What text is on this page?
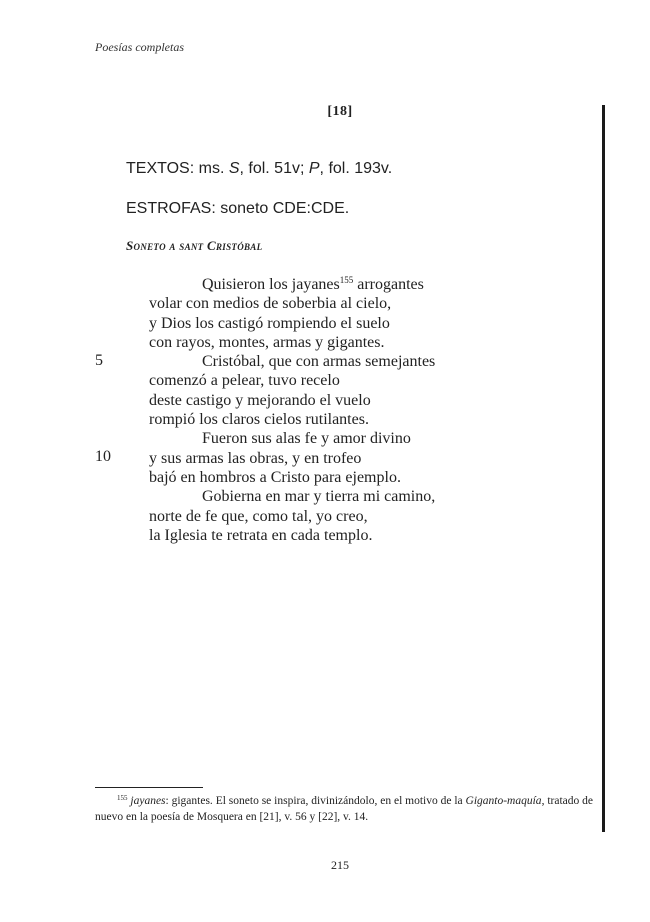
Poesías completas
[18]
TEXTOS: ms. S, fol. 51v; P, fol. 193v.
ESTROFAS: soneto CDE:CDE.
Soneto a sant Cristóbal
5
10
Quisieron los jayanes$^{155}$ arrogantes
volar con medios de soberbia al cielo,
y Dios los castigó rompiendo el suelo
con rayos, montes, armas y gigantes.
Cristóbal, que con armas semejantes
comenzó a pelear, tuvo recelo
deste castigo y mejorando el vuelo
rompió los claros cielos rutilantes.
Fueron sus alas fe y amor divino
y sus armas las obras, y en trofeo
bajó en hombros a Cristo para ejemplo.
Gobierna en mar y tierra mi camino,
norte de fe que, como tal, yo creo,
la Iglesia te retrata en cada templo.
$^{155}$ jayanes: gigantes. El soneto se inspira, divinizándolo, en el motivo de la Giganto-maquía, tratado de nuevo en la poesía de Mosquera en [21], v. 56 y [22], v. 14.
215
